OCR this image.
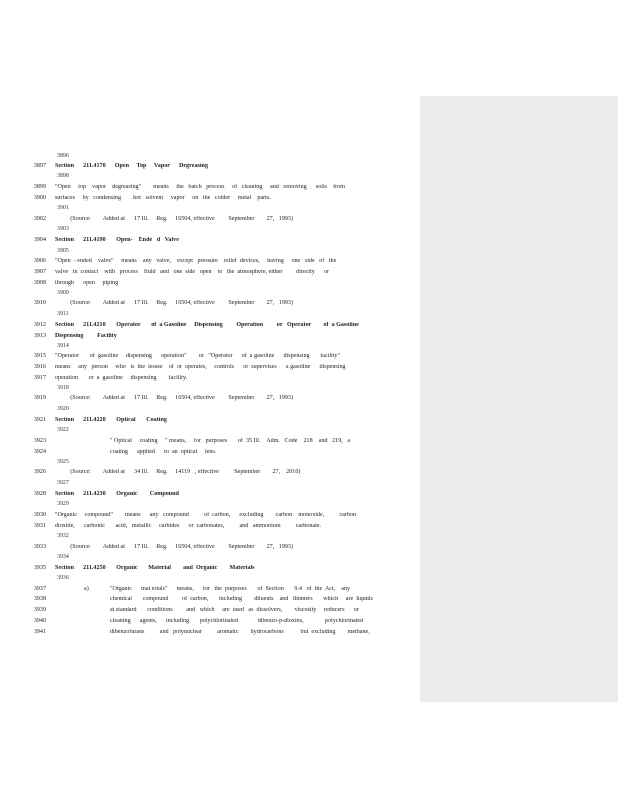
3896
3897 Section      211.4170      Open     Top     Vapor      Degreasing
3898
3899 "Open     top    vapor    degreasing"        means     the   batch   process     of   cleaning     and   removing      soils    from
3900 surfaces     by   condensing        hot   solvent     vapor     on   the   colder     metal    parts.
3901
3902 (Source:        Added at      17 Ill.     Reg.     16504, effective         September        27,   1993)
3903
3904 Section      211.4190       Open-    Ende   d   Valve
3905
3906 "Open  - ended    valve"     means    any   valve,    except   pressure    relief  devices,     having     one   side   of   the
3907 valve   in  contact    with   process    fluid   and   one  side   open    to   the  atmosphere, either         directly      or
3908 through      open     piping
3909
3910 (Source:        Added at      17 Ill.     Reg.     16504, effective         September        27,   1993)
3911
3912 Section      211.4210       Operator       of  a Gasoline     Dispensing         Operation         or   Operator        of  a Gasoline
3913 Dispensing         Facility
3914
3915 "Operator       of  gasoline     dispensing      operation"        or   "Operator      of  a gasoline      dispensing       facility"
3916 means     any   person     who   is  the  lessee    of  or  operates,     controls      or  supervises      a gasoline      dispensing
3917 operation       or  a  gasoline     dispensing        facility.
3918
3919 (Source:        Added at      17 Ill.     Reg.     16504, effective         September        27,   1993)
3920
3921 Section      211.4220       Optical       Coating
3922
3923	" Optical     coating     " means,     for   purposes       of  35 Ill.    Adm.   Code    218    and   219,   a
3924	coating      applied      to  an  optical     lens.
3925
3926 (Source:        Added at      34 Ill.     Reg.     14119   , effective          September        27,    2010)
3927
3928 Section      211.4230       Organic        Compound
3929
3930 "Organic     compound"        means      any   compound          of  carbon,      excluding        carbon    monoxide,          carbon
3931 dioxide,      carbonic       acid,   metallic     carbides      or  carbonates,          and   ammonium          carbonate.
3932
3933 (Source:        Added at      17 Ill.     Reg.     16504, effective         September        27,   1993)
3934
3935 Section      211.4250       Organic       Material        and  Organic        Materials
3936
3937	a)	"Organic      mat erials"      means,      for   the  purposes       of  Section       9.4   of  the  Act,    any
3938	chemical       compound         of  carbon,       including        diluents    and   thinners       which     are  liquids
3939	at standard       conditions         and   which     are  used   as  dissolvers,        viscosity     reducers      or
3940	cleaning      agents,      including       polychlorinated             dibenzo-p-dioxins,              polychlorinated
3941	dibenzofurans          and   polynuclear          aromatic        hydrocarbons           but  excluding        methane,
